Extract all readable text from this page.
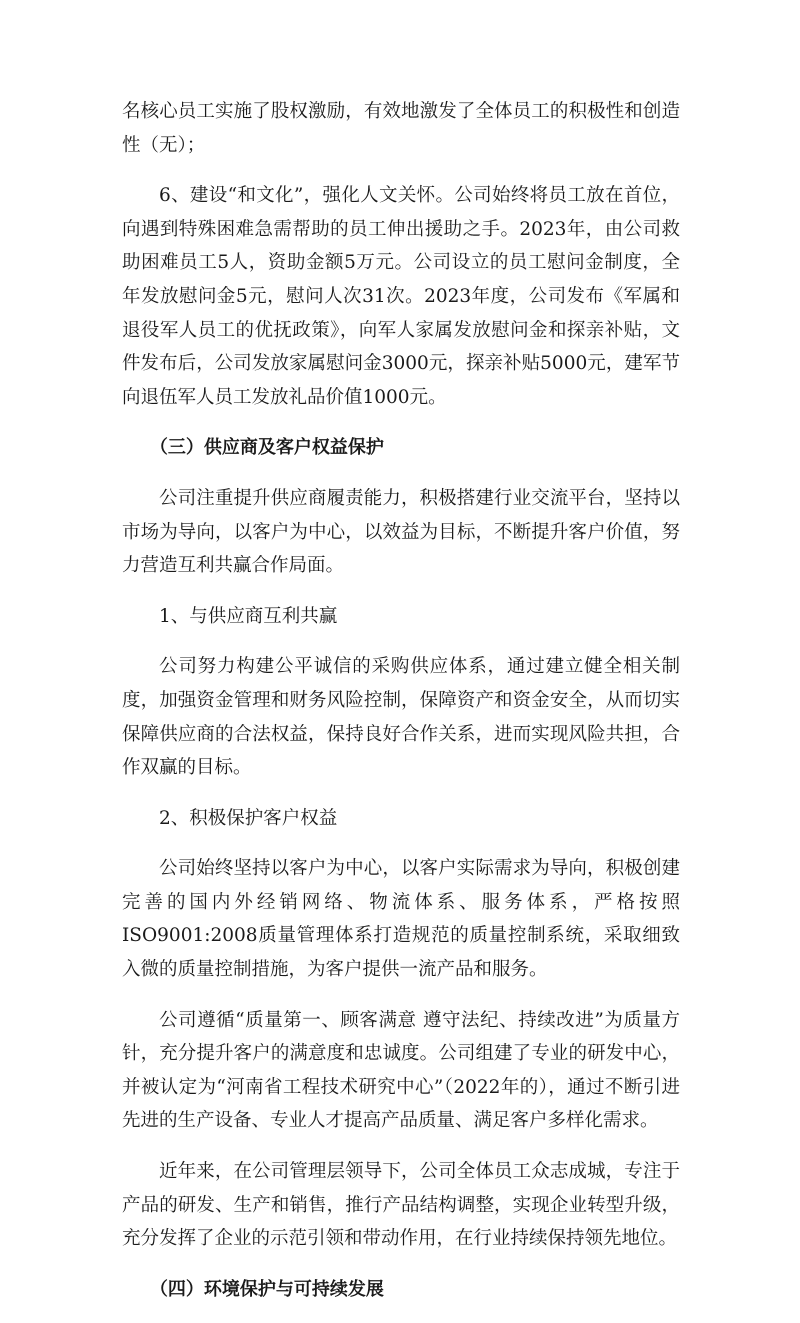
名核心员工实施了股权激励，有效地激发了全体员工的积极性和创造性（无）；

6、建设“和文化”，强化人文关怀。公司始终将员工放在首位，向遇到特殊困难急需帮助的员工伸出援助之手。2023年，由公司救助困难员工5人，资助金额5万元。公司设立的员工慰问金制度，全年发放慰问金5元，慰问人次31次。2023年度，公司发布《军属和退役军人员工的优抚政策》，向军人家属发放慰问金和探亲补贴，文件发布后，公司发放家属慰问金3000元，探亲补贴5000元，建军节向退伍军人员工发放礼品价值1000元。

（三）供应商及客户权益保护

公司注重提升供应商履责能力，积极搭建行业交流平台，坚持以市场为导向，以客户为中心，以效益为目标，不断提升客户价值，努力营造互利共赢合作局面。

1、与供应商互利共赢

公司努力构建公平诚信的采购供应体系，通过建立健全相关制度，加强资金管理和财务风险控制，保障资产和资金安全，从而切实保障供应商的合法权益，保持良好合作关系，进而实现风险共担，合作双赢的目标。

2、积极保护客户权益

公司始终坚持以客户为中心，以客户实际需求为导向，积极创建完善的国内外经销网络、物流体系、服务体系，严格按照ISO9001:2008质量管理体系打造规范的质量控制系统，采取细致入微的质量控制措施，为客户提供一流产品和服务。

公司遵循“质量第一、顾客满意 遵守法纪、持续改进”为质量方针，充分提升客户的满意度和忠诚度。公司组建了专业的研发中心，并被认定为“河南省工程技术研究中心”（2022年的），通过不断引进先进的生产设备、专业人才提高产品质量、满足客户多样化需求。

近年来，在公司管理层领导下，公司全体员工众志成城，专注于产品的研发、生产和销售，推行产品结构调整，实现企业转型升级，充分发挥了企业的示范引领和带动作用，在行业持续保持领先地位。

（四）环境保护与可持续发展
